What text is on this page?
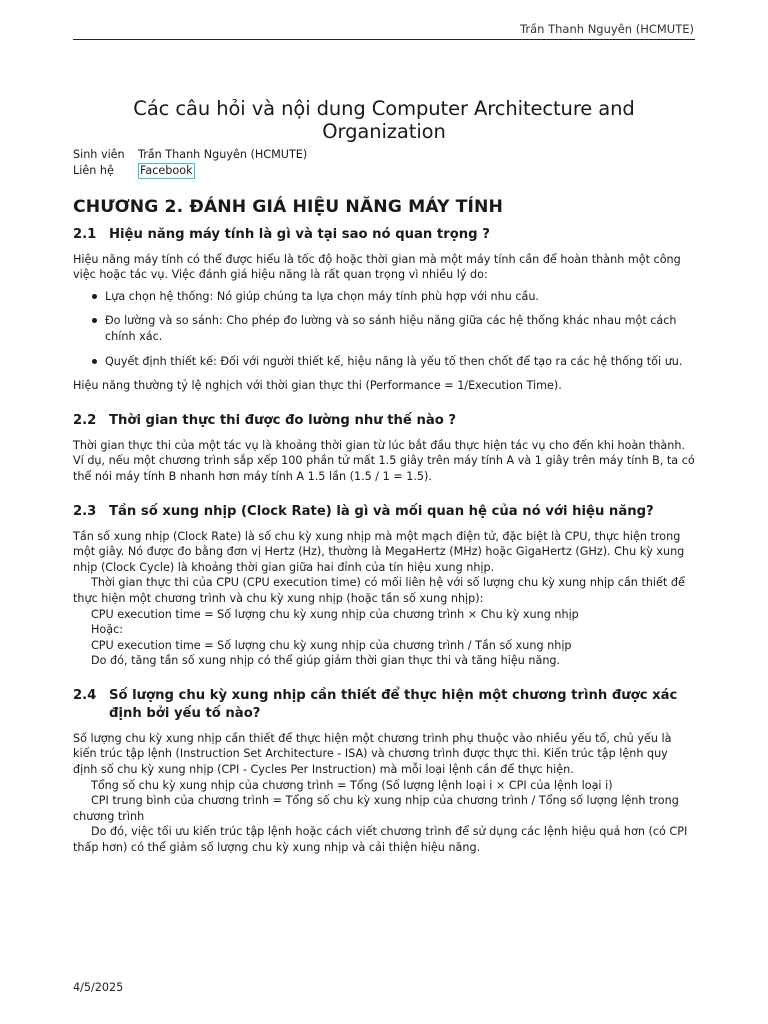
Trần Thanh Nguyên (HCMUTE)
Các câu hỏi và nội dung Computer Architecture and Organization
Sinh viên	Trần Thanh Nguyên (HCMUTE)
Liên hệ	Facebook
CHƯƠNG 2. ĐÁNH GIÁ HIỆU NĂNG MÁY TÍNH
2.1 Hiệu năng máy tính là gì và tại sao nó quan trọng ?

Hiệu năng máy tính có thể được hiểu là tốc độ hoặc thời gian mà một máy tính cần để hoàn thành một công việc hoặc tác vụ. Việc đánh giá hiệu năng là rất quan trọng vì nhiều lý do:

Lựa chọn hệ thống: Nó giúp chúng ta lựa chọn máy tính phù hợp với nhu cầu.
Đo lường và so sánh: Cho phép đo lường và so sánh hiệu năng giữa các hệ thống khác nhau một cách chính xác.
Quyết định thiết kế: Đối với người thiết kế, hiệu năng là yếu tố then chốt để tạo ra các hệ thống tối ưu.

Hiệu năng thường tỷ lệ nghịch với thời gian thực thi (Performance = 1/Execution Time).

2.2 Thời gian thực thi được đo lường như thế nào ?

Thời gian thực thi của một tác vụ là khoảng thời gian từ lúc bắt đầu thực hiện tác vụ cho đến khi hoàn thành. Ví dụ, nếu một chương trình sắp xếp 100 phần tử mất 1.5 giây trên máy tính A và 1 giây trên máy tính B, ta có thể nói máy tính B nhanh hơn máy tính A 1.5 lần (1.5 / 1 = 1.5).

2.3 Tần số xung nhịp (Clock Rate) là gì và mối quan hệ của nó với hiệu năng?

Tần số xung nhịp (Clock Rate) là số chu kỳ xung nhịp mà một mạch điện tử, đặc biệt là CPU, thực hiện trong một giây. Nó được đo bằng đơn vị Hertz (Hz), thường là MegaHertz (MHz) hoặc GigaHertz (GHz). Chu kỳ xung nhịp (Clock Cycle) là khoảng thời gian giữa hai đỉnh của tín hiệu xung nhịp.

Thời gian thực thi của CPU (CPU execution time) có mối liên hệ với số lượng chu kỳ xung nhịp cần thiết để thực hiện một chương trình và chu kỳ xung nhịp (hoặc tần số xung nhịp):

CPU execution time = Số lượng chu kỳ xung nhịp của chương trình × Chu kỳ xung nhịp

Hoặc:

CPU execution time = Số lượng chu kỳ xung nhịp của chương trình / Tần số xung nhịp

Do đó, tăng tần số xung nhịp có thể giúp giảm thời gian thực thi và tăng hiệu năng.

2.4 Số lượng chu kỳ xung nhịp cần thiết để thực hiện một chương trình được xác định bởi yếu tố nào?

Số lượng chu kỳ xung nhịp cần thiết để thực hiện một chương trình phụ thuộc vào nhiều yếu tố, chủ yếu là kiến trúc tập lệnh (Instruction Set Architecture - ISA) và chương trình được thực thi. Kiến trúc tập lệnh quy định số chu kỳ xung nhịp (CPI - Cycles Per Instruction) mà mỗi loại lệnh cần để thực hiện.

Tổng số chu kỳ xung nhịp của chương trình = Tổng (Số lượng lệnh loại i × CPI của lệnh loại i)

CPI trung bình của chương trình = Tổng số chu kỳ xung nhịp của chương trình / Tổng số lượng lệnh trong chương trình

Do đó, việc tối ưu kiến trúc tập lệnh hoặc cách viết chương trình để sử dụng các lệnh hiệu quả hơn (có CPI thấp hơn) có thể giảm số lượng chu kỳ xung nhịp và cải thiện hiệu năng.

4/5/2025
